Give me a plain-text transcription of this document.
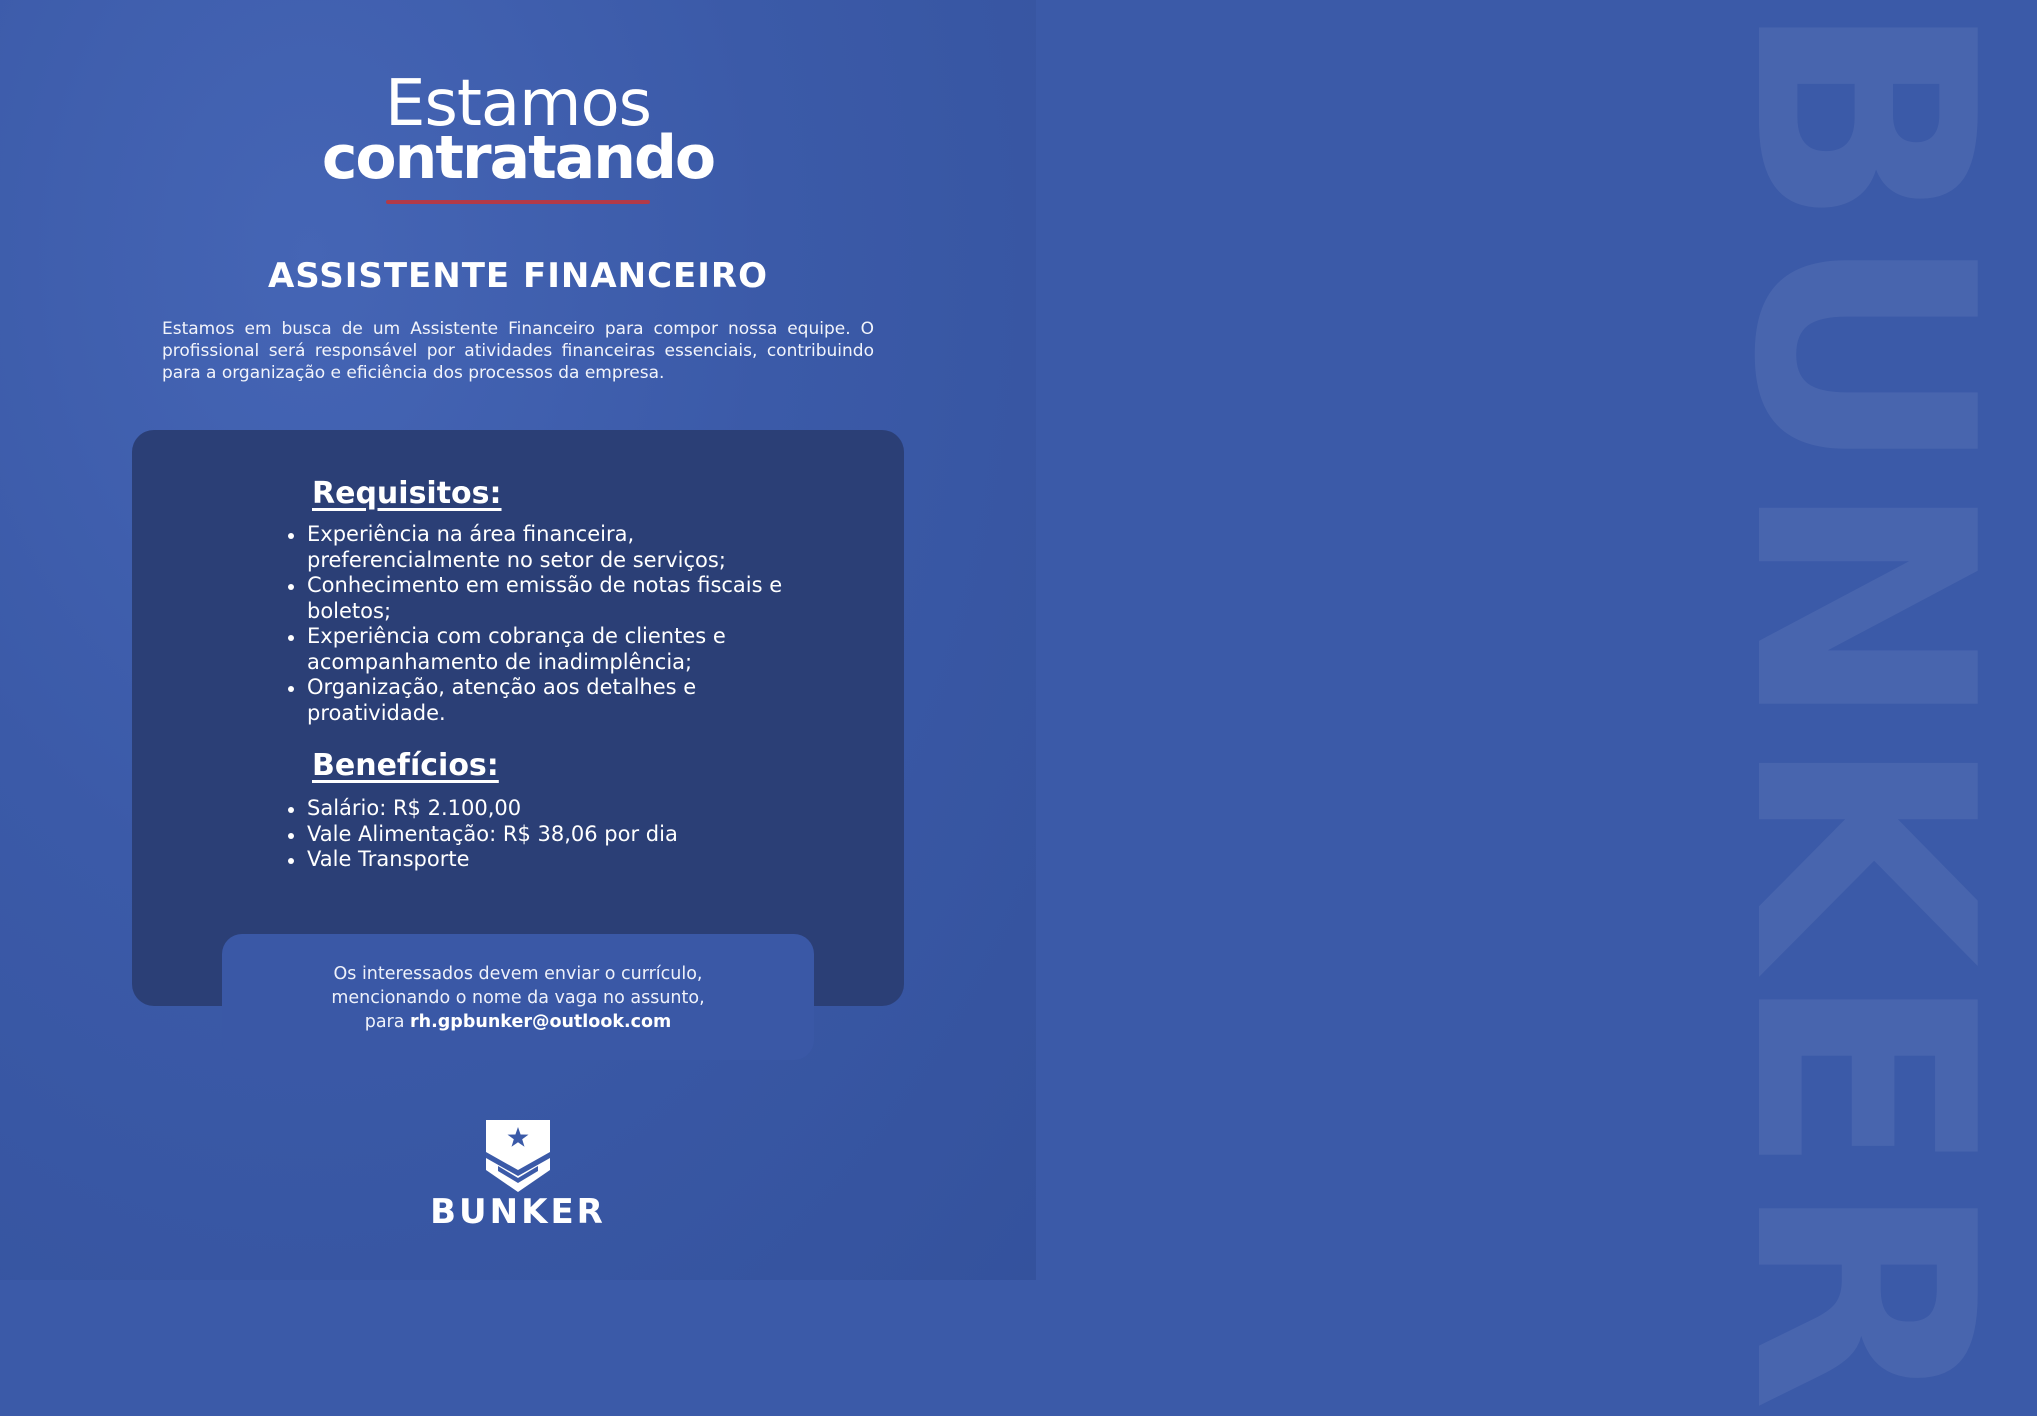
BUNKER
Estamos
contratando
ASSISTENTE FINANCEIRO
Estamos em busca de um Assistente Financeiro para compor nossa equipe. O profissional será responsável por atividades financeiras essenciais, contribuindo para a organização e eficiência dos processos da empresa.
Requisitos:
Experiência na área financeira, preferencialmente no setor de serviços;
Conhecimento em emissão de notas fiscais e boletos;
Experiência com cobrança de clientes e acompanhamento de inadimplência;
Organização, atenção aos detalhes e proatividade.
Benefícios:
Salário: R$ 2.100,00
Vale Alimentação: R$ 38,06 por dia
Vale Transporte
Os interessados devem enviar o currículo,
mencionando o nome da vaga no assunto,
para rh.gpbunker@outlook.com
BUNKER
